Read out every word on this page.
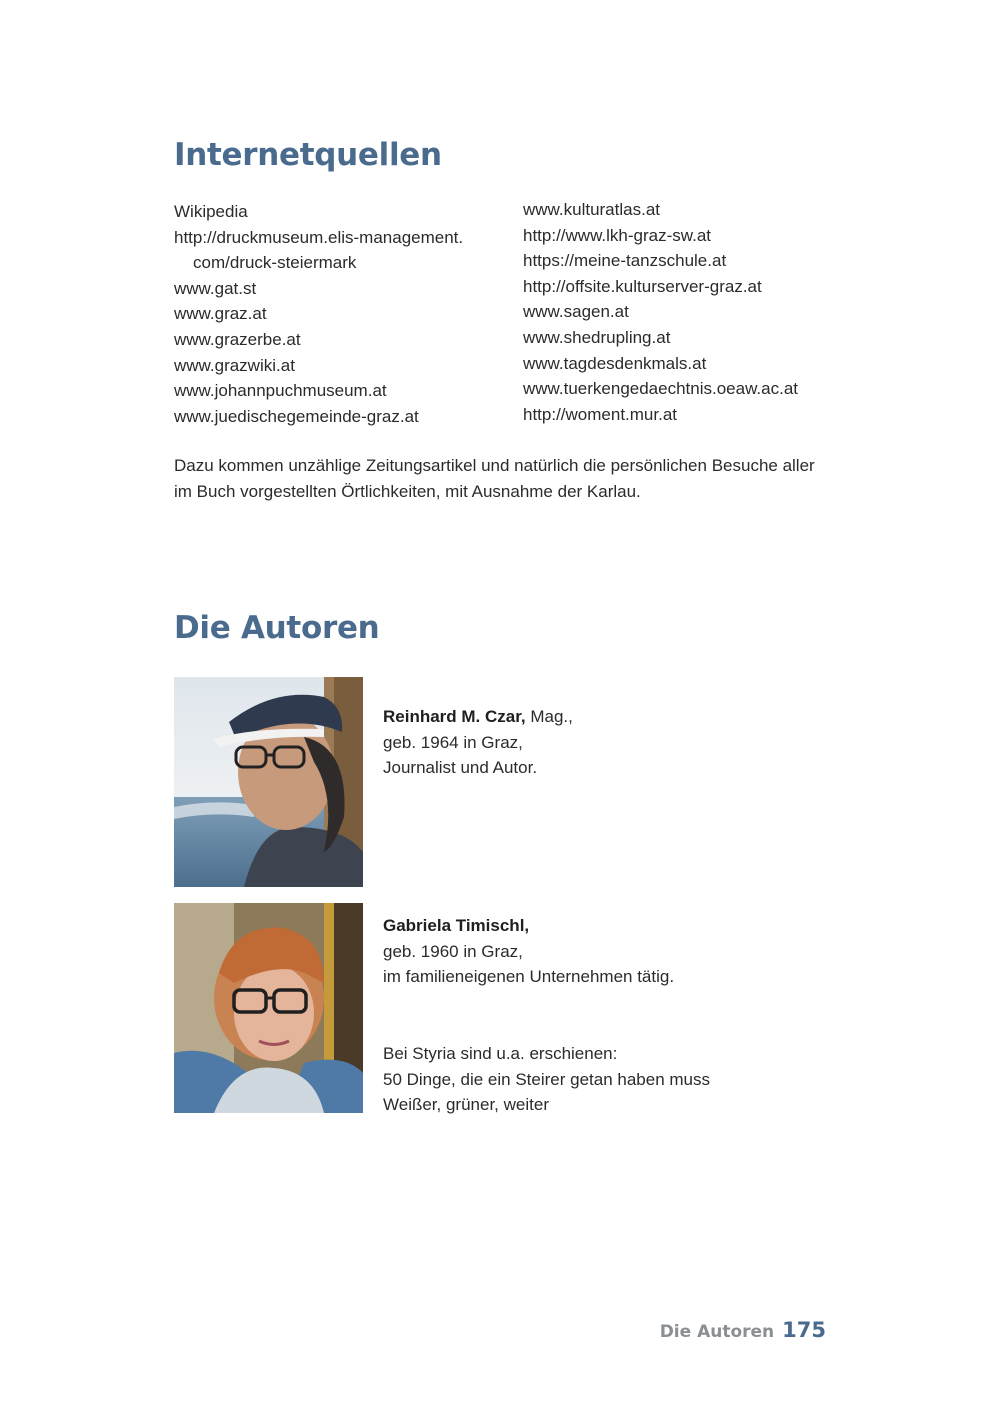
Internetquellen
Wikipedia
http://druckmuseum.elis-management.
com/druck-steiermark
www.gat.st
www.graz.at
www.grazerbe.at
www.grazwiki.at
www.johannpuchmuseum.at
www.juedischegemeinde-graz.at
www.kulturatlas.at
http://www.lkh-graz-sw.at
https://meine-tanzschule.at
http://offsite.kulturserver-graz.at
www.sagen.at
www.shedrupling.at
www.tagdesdenkmals.at
www.tuerkengedaechtnis.oeaw.ac.at
http://woment.mur.at

Dazu kommen unzählige Zeitungsartikel und natürlich die persönlichen Besuche aller
im Buch vorgestellten Örtlichkeiten, mit Ausnahme der Karlau.

Die Autoren
Reinhard M. Czar, Mag.,
geb. 1964 in Graz,
Journalist und Autor.
Gabriela Timischl,
geb. 1960 in Graz,
im familieneigenen Unternehmen tätig.
Bei Styria sind u.a. erschienen:
50 Dinge, die ein Steirer getan haben muss
Weißer, grüner, weiter
Die Autoren 175
